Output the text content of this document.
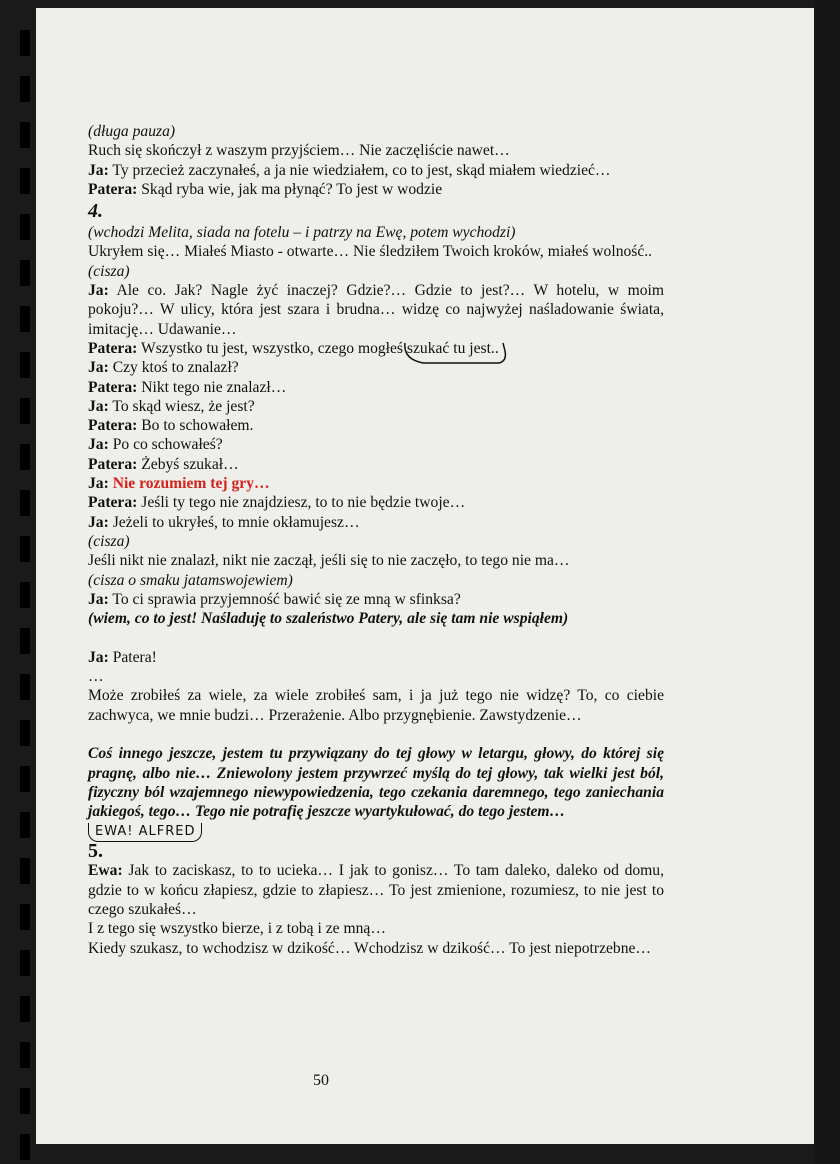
(długa pauza)

Ruch się skończył z waszym przyjściem… Nie zaczęliście nawet…

Ja: Ty przecież zaczynałeś, a ja nie wiedziałem, co to jest, skąd miałem wiedzieć…

Patera: Skąd ryba wie, jak ma płynąć? To jest w wodzie

4.

(wchodzi Melita, siada na fotelu – i patrzy na Ewę, potem wychodzi)

Ukryłem się… Miałeś Miasto - otwarte… Nie śledziłem Twoich kroków, miałeś wolność..

(cisza)

Ja: Ale co. Jak? Nagle żyć inaczej? Gdzie?… Gdzie to jest?… W hotelu, w moim pokoju?… W ulicy, która jest szara i brudna… widzę co najwyżej naśladowanie świata, imitację… Udawanie…

Patera: Wszystko tu jest, wszystko, czego mogłeś
szukać tu jest..

Ja: Czy ktoś to znalazł?

Patera: Nikt tego nie znalazł…

Ja: To skąd wiesz, że jest?

Patera: Bo to schowałem.

Ja: Po co schowałeś?

Patera: Żebyś szukał…

Ja: Nie rozumiem tej gry…

Patera: Jeśli ty tego nie znajdziesz, to to nie będzie twoje…

Ja: Jeżeli to ukryłeś, to mnie okłamujesz…

(cisza)

Jeśli nikt nie znalazł, nikt nie zaczął, jeśli się to nie zaczęło, to tego nie ma…

(cisza o smaku jatamswojewiem)

Ja: To ci sprawia przyjemność bawić się ze mną w sfinksa?

(wiem, co to jest! Naśladuję to szaleństwo Patery, ale się tam nie wspiąłem)

Ja: Patera!

…

Może zrobiłeś za wiele, za wiele zrobiłeś sam, i ja już tego nie widzę? To, co ciebie zachwyca, we mnie budzi… Przerażenie. Albo przygnębienie. Zawstydzenie…

Coś innego jeszcze, jestem tu przywiązany do tej głowy w letargu, głowy, do której się pragnę, albo nie… Zniewolony jestem przywrzeć myślą do tej głowy, tak wielki jest ból, fizyczny ból wzajemnego niewypowiedzenia, tego czekania daremnego, tego zaniechania jakiegoś, tego… Tego nie potrafię jeszcze wyartykułować, do tego jestem…

EWA! ALFRED

5.

Ewa: Jak to zaciskasz, to to ucieka… I jak to gonisz… To tam daleko, daleko od domu, gdzie to w końcu złapiesz, gdzie to złapiesz… To jest zmienione, rozumiesz, to nie jest to czego szukałeś…

I z tego się wszystko bierze, i z tobą i ze mną…

Kiedy szukasz, to wchodzisz w dzikość… Wchodzisz w dzikość… To jest niepotrzebne…

50
